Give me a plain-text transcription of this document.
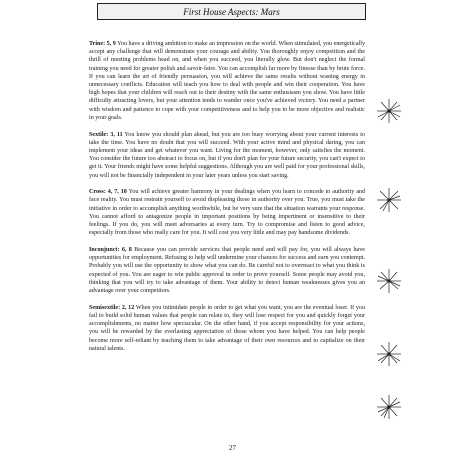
First House Aspects: Mars

Trine: 5, 9 You have a driving ambition to make an impression on the world. When stimulated, you energetically accept any challenge that will demonstrate your courage and ability. You thoroughly enjoy competition and the thrill of meeting problems head on, and when you succeed, you literally glow. But don't neglect the formal training you need for greater polish and savoir-faire. You can accomplish far more by finesse than by brute force. If you can learn the art of friendly persuasion, you will achieve the same results without wasting energy in unnecessary conflicts. Education will teach you how to deal with people and win their cooperation. You have high hopes that your children will reach out to their destiny with the same enthusiasm you show. You have little difficulty attracting lovers, but your attention tends to wander once you've achieved victory. You need a partner with wisdom and patience to cope with your competitiveness and to help you to be more objective and realistic in your goals.

Sextile: 3, 11 You know you should plan ahead, but you are too busy worrying about your current interests to take the time. You have no doubt that you will succeed. With your active mind and physical daring, you can implement your ideas and get whatever you want. Living for the moment, however, only satisfies the moment. You consider the future too abstract to focus on, but if you don't plan for your future security, you can't expect to get it. Your friends might have some helpful suggestions. Although you are well paid for your professional skills, you will not be financially independent in your later years unless you start saving.

Cross: 4, 7, 10 You will achieve greater harmony in your dealings when you learn to concede to authority and face reality. You must restrain yourself to avoid displeasing those in authority over you. True, you must take the initiative in order to accomplish anything worthwhile, but be very sure that the situation warrants your response. You cannot afford to antagonize people in important positions by being impertinent or insensitive to their feelings. If you do, you will meet adversaries at every turn. Try to compromise and listen to good advice, especially from those who really care for you. It will cost you very little and may pay handsome dividends.

Inconjunct: 6, 8 Because you can provide services that people need and will pay for, you will always have opportunities for employment. Refusing to help will undermine your chances for success and earn you contempt. Probably you will use the opportunity to show what you can do. Be careful not to overreact to what you think is expected of you. You are eager to win public approval in order to prove yourself. Some people may avoid you, thinking that you will try to take advantage of them. Your ability to detect human weaknesses gives you an advantage over your competitors.

Semisextile: 2, 12 When you intimidate people in order to get what you want, you are the eventual loser. If you fail to build solid human values that people can relate to, they will lose respect for you and quickly forget your accomplishments, no matter how spectacular. On the other hand, if you accept responsibility for your actions, you will be rewarded by the everlasting appreciation of those whom you have helped. You can help people become more self-reliant by teaching them to take advantage of their own resources and to capitalize on their natural talents.

27
